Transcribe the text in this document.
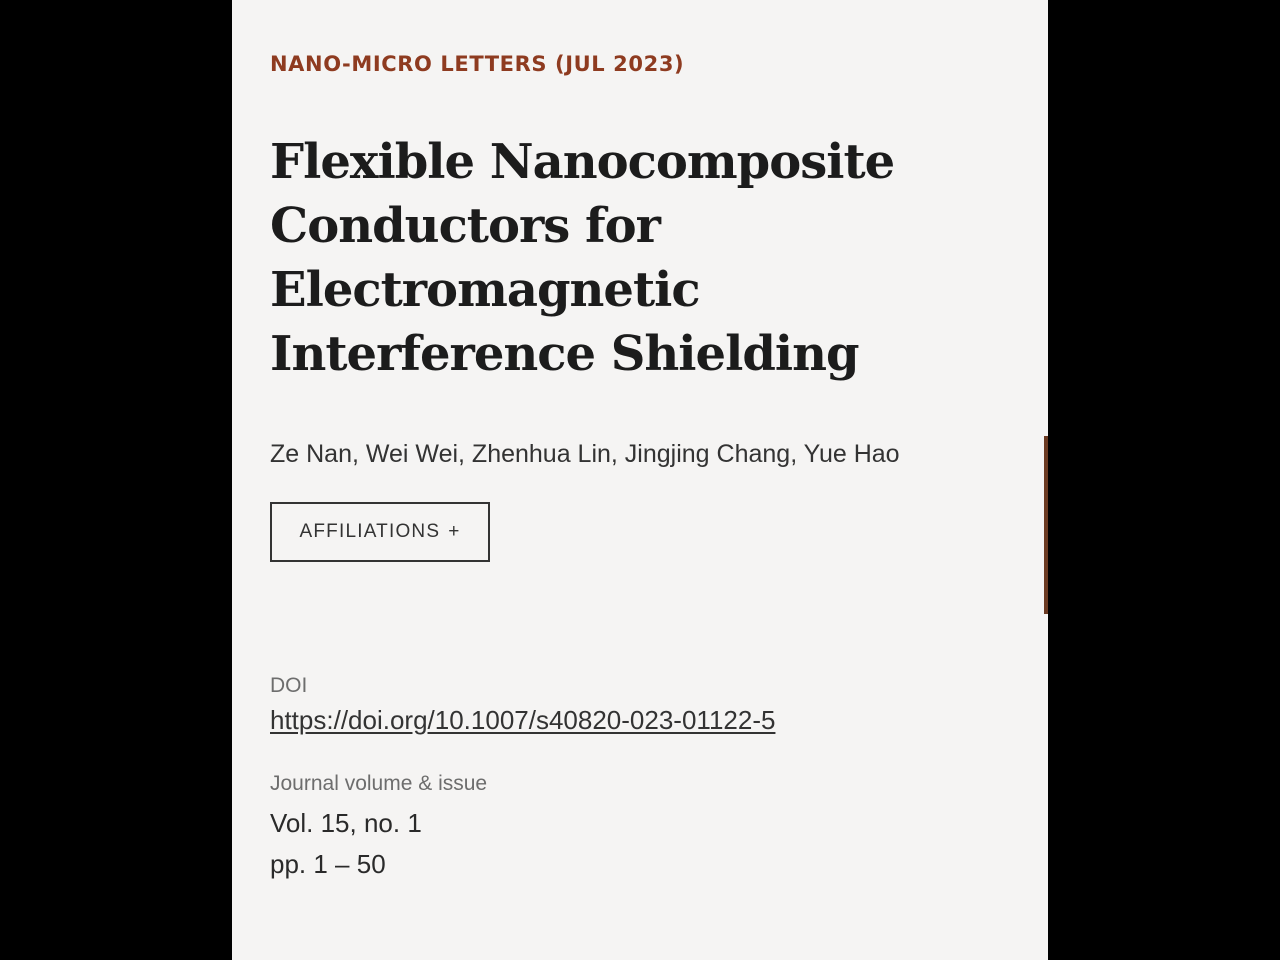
NANO-MICRO LETTERS (JUL 2023)
Flexible Nanocomposite Conductors for Electromagnetic Interference Shielding
Ze Nan, Wei Wei, Zhenhua Lin, Jingjing Chang, Yue Hao
AFFILIATIONS +
DOI
https://doi.org/10.1007/s40820-023-01122-5
Journal volume & issue
Vol. 15, no. 1
pp. 1 – 50
